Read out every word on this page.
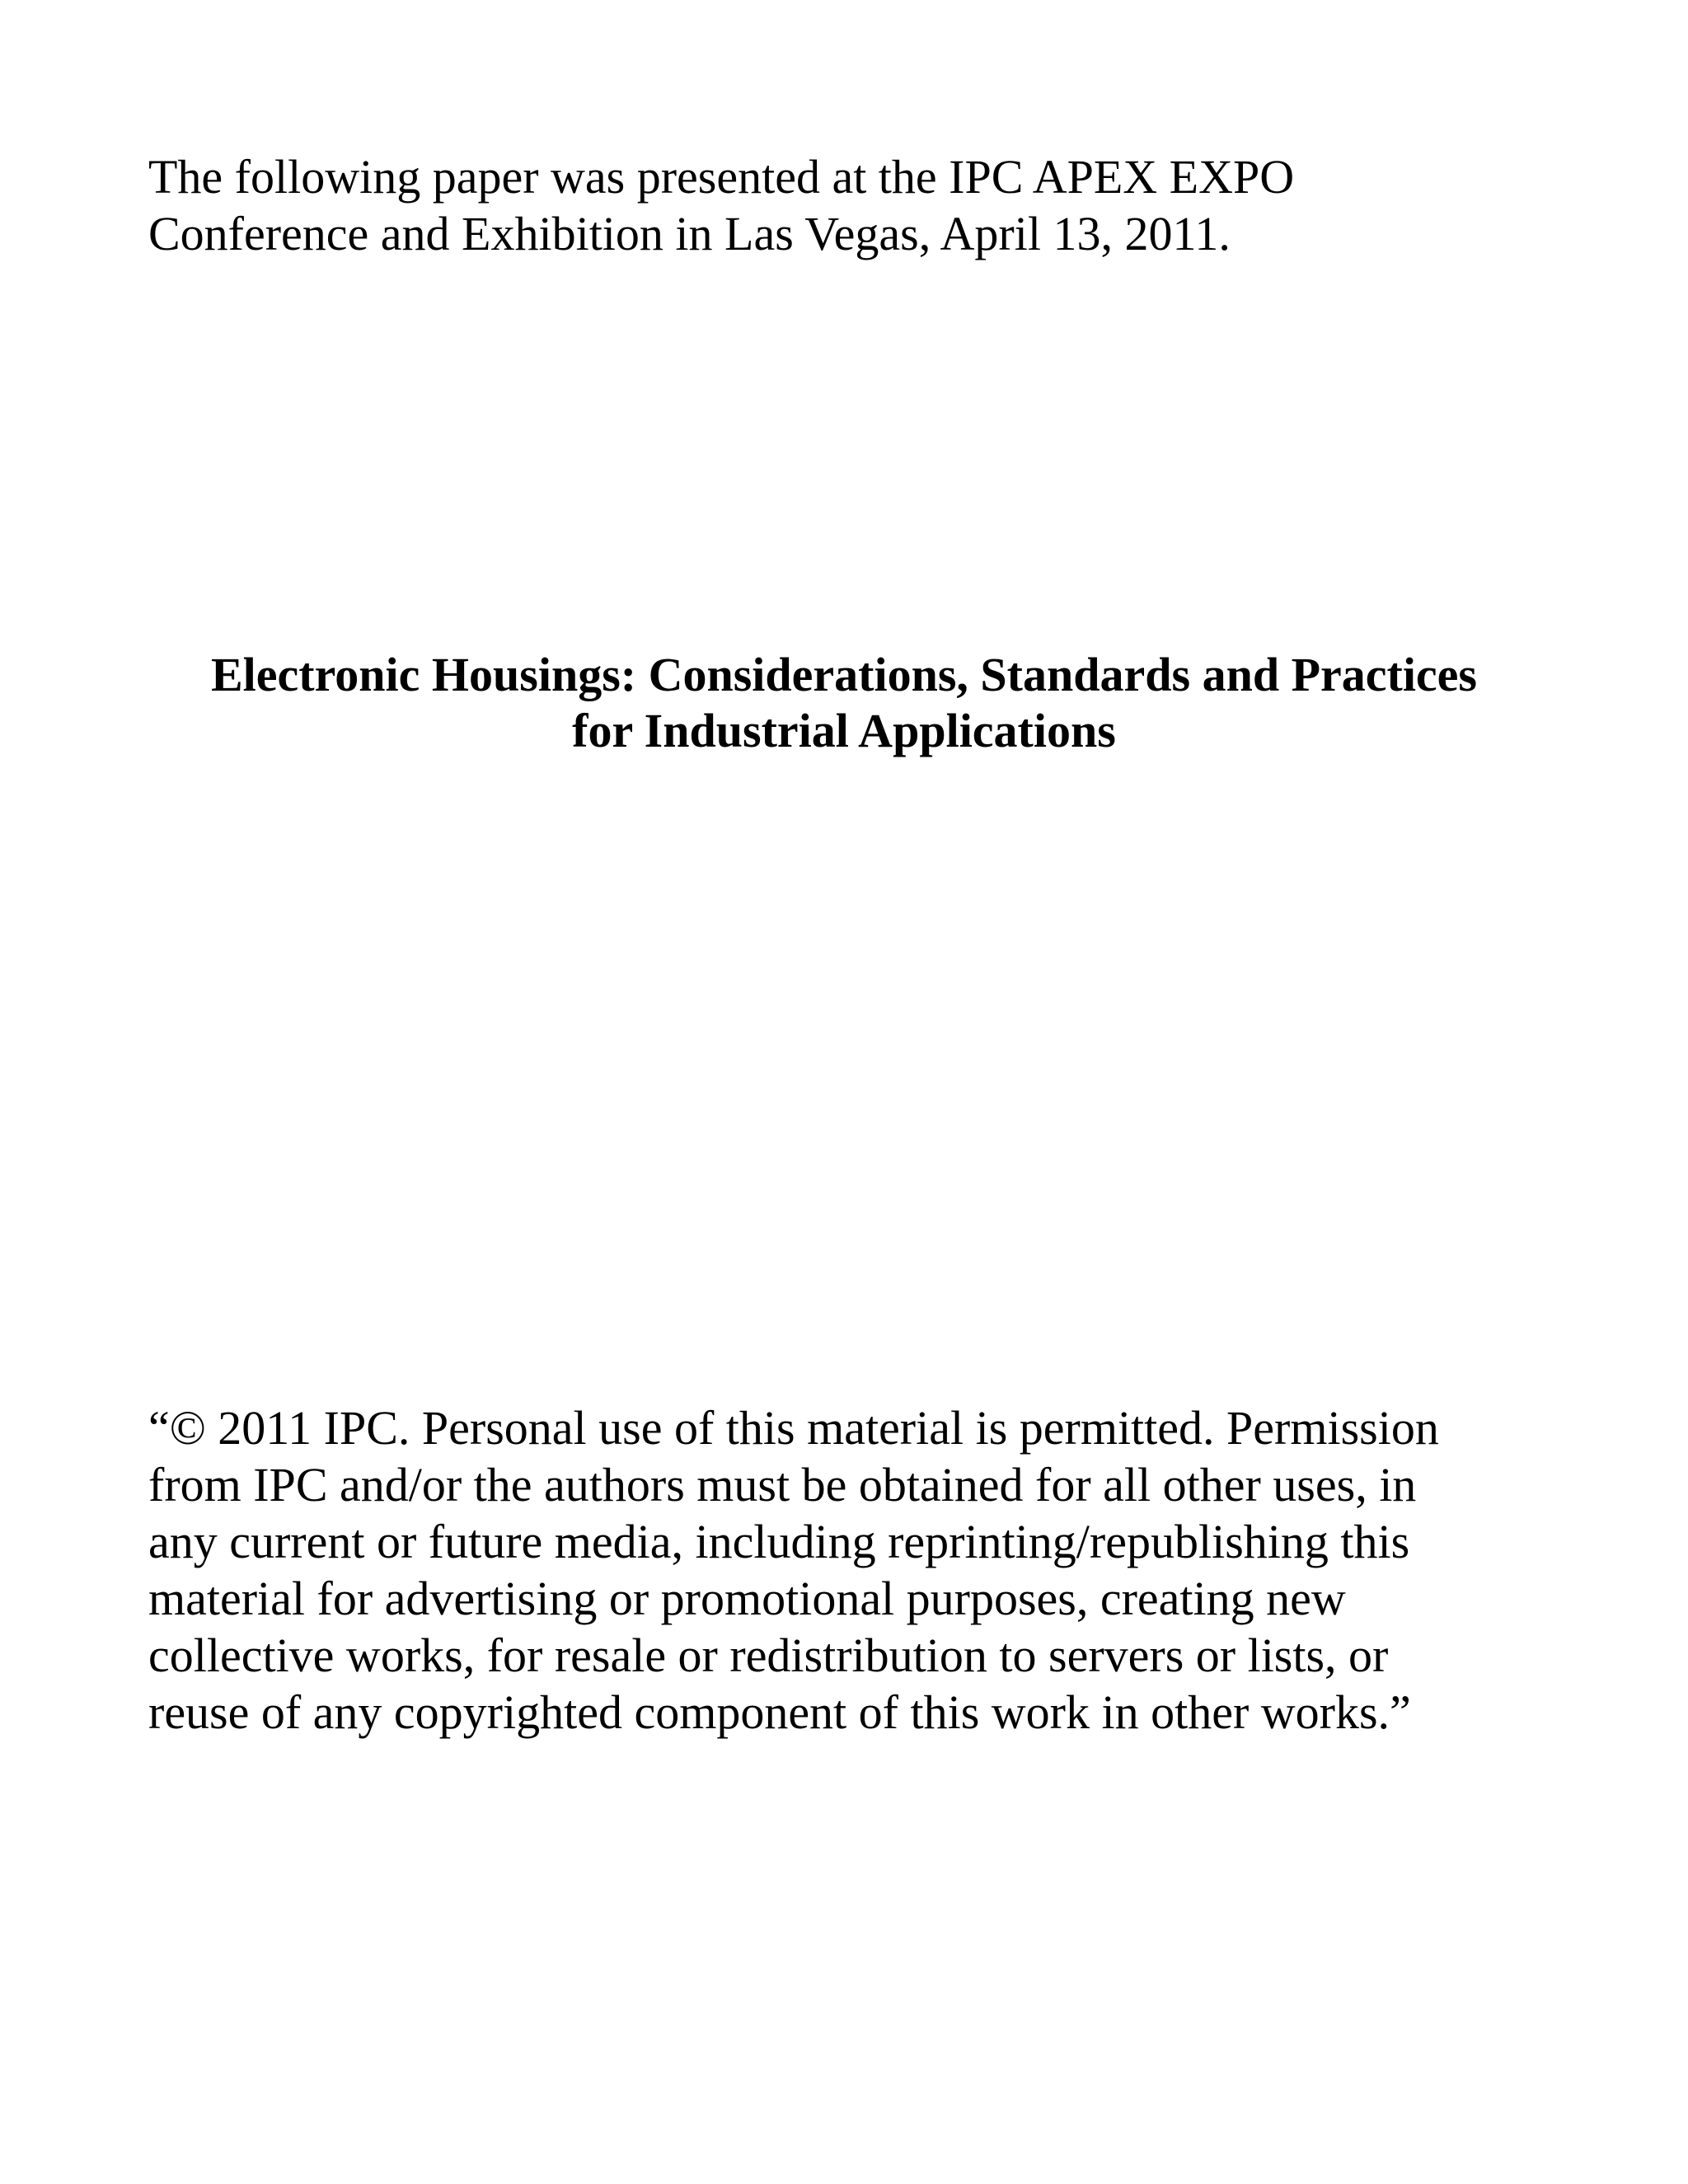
The following paper was presented at the IPC APEX EXPO
Conference and Exhibition in Las Vegas, April 13, 2011.
Electronic Housings: Considerations, Standards and Practices
for Industrial Applications
“© 2011 IPC. Personal use of this material is permitted. Permission
from IPC and/or the authors must be obtained for all other uses, in
any current or future media, including reprinting/republishing this
material for advertising or promotional purposes, creating new
collective works, for resale or redistribution to servers or lists, or
reuse of any copyrighted component of this work in other works.”
